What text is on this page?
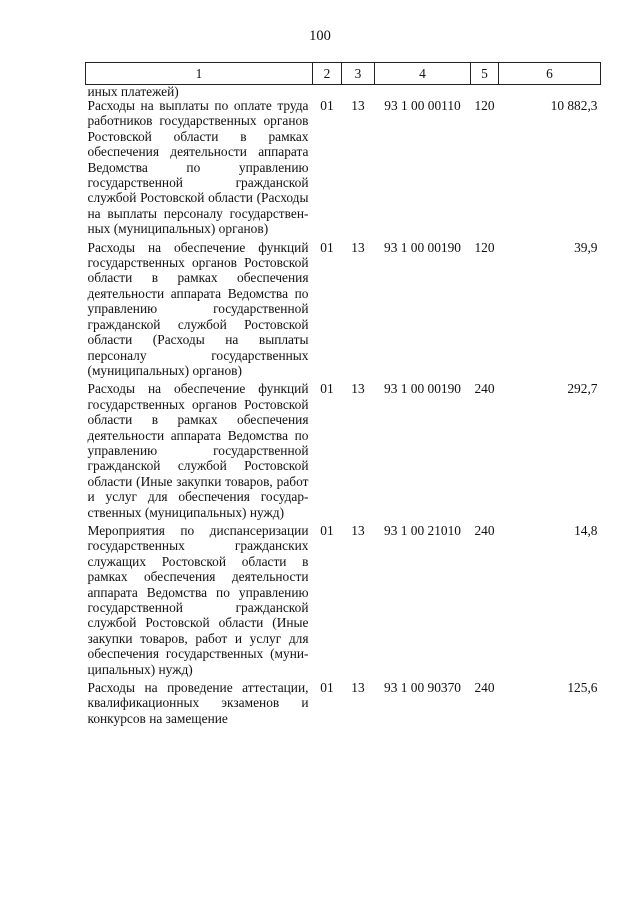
100
1	2	3	4	5	6
иных платежей)					
Расходы на выплаты по оплате труда работников государственных органов Ростовской области в рамках обеспечения деятельности аппарата Ведомства по управлению государственной гражданской службой Ростовской области (Расходы на выплаты персоналу государственных (муниципальных) органов)	01	13	93 1 00 00110	120	10 882,3
Расходы на обеспечение функций государственных органов Ростовской области в рамках обеспечения деятельности аппарата Ведомства по управлению государственной гражданской службой Ростовской области (Расходы на выплаты персоналу государственных (муниципальных) органов)	01	13	93 1 00 00190	120	39,9
Расходы на обеспечение функций государственных органов Ростовской области в рамках обеспечения деятельности аппарата Ведомства по управлению государственной гражданской службой Ростовской области (Иные закупки товаров, работ и услуг для обеспечения государственных (муниципальных) нужд)	01	13	93 1 00 00190	240	292,7
Мероприятия по диспансеризации государственных гражданских служащих Ростовской области в рамках обеспечения деятельности аппарата Ведомства по управлению государственной гражданской службой Ростовской области (Иные закупки товаров, работ и услуг для обеспечения государственных (муниципальных) нужд)	01	13	93 1 00 21010	240	14,8
Расходы на проведение аттестации, квалификационных экзаменов и конкурсов на замещение	01	13	93 1 00 90370	240	125,6
